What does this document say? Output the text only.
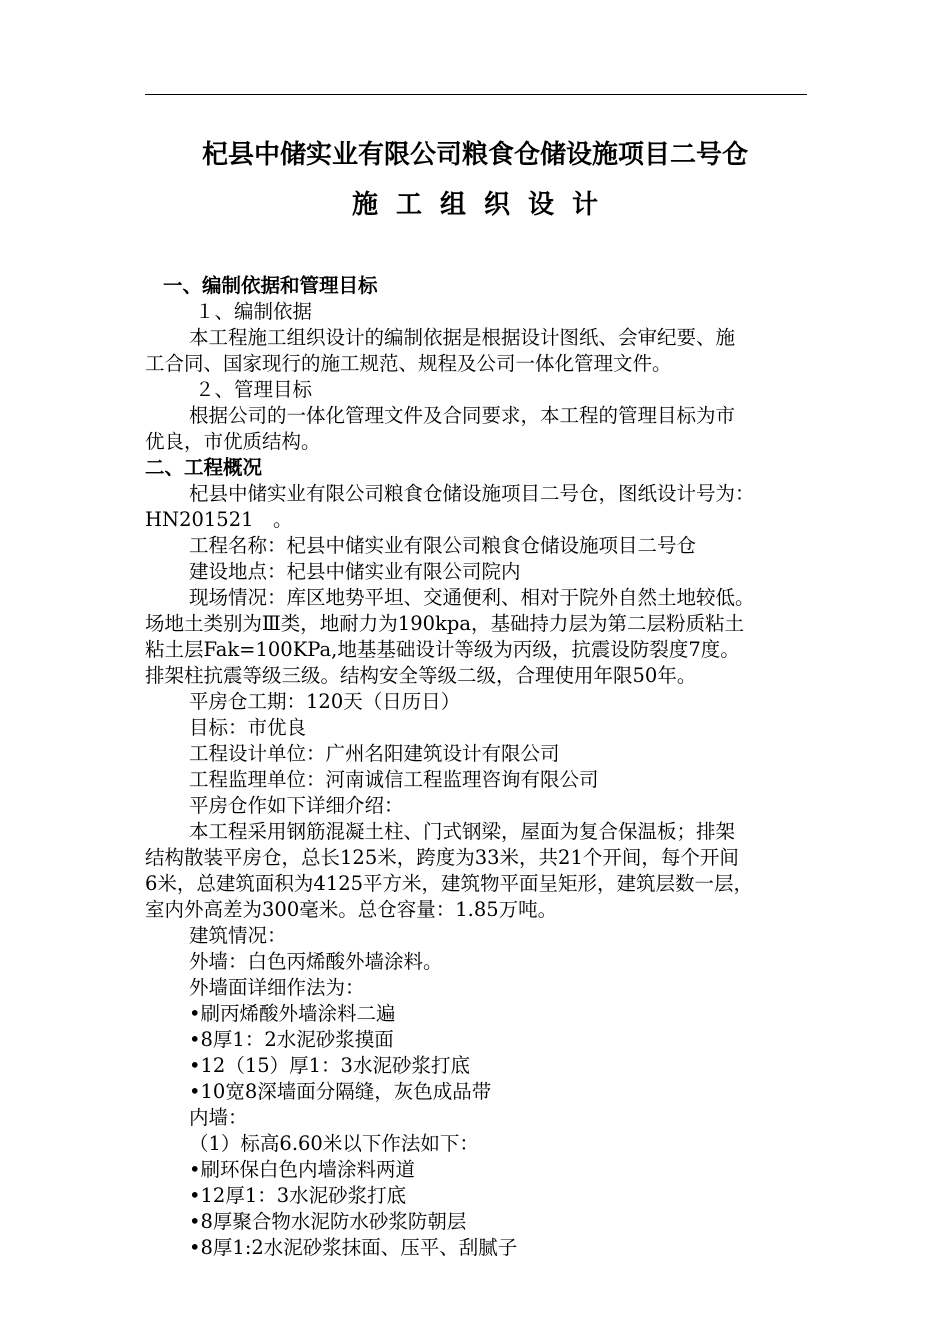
杞县中储实业有限公司粮食仓储设施项目二号仓
施工组织设计
一、编制依据和管理目标
１、编制依据
本工程施工组织设计的编制依据是根据设计图纸、会审纪要、施
工合同、国家现行的施工规范、规程及公司一体化管理文件。
２、管理目标
根据公司的一体化管理文件及合同要求，本工程的管理目标为市
优良，市优质结构。
二、工程概况
杞县中储实业有限公司粮食仓储设施项目二号仓，图纸设计号为：
HN201521　。
工程名称：杞县中储实业有限公司粮食仓储设施项目二号仓
建设地点：杞县中储实业有限公司院内
现场情况：库区地势平坦、交通便利、相对于院外自然土地较低。
场地土类别为Ⅲ类，地耐力为190kpa，基础持力层为第二层粉质粘土
粘土层Fak=100KPa,地基基础设计等级为丙级，抗震设防裂度7度。
排架柱抗震等级三级。结构安全等级二级，合理使用年限50年。
平房仓工期：120天（日历日）
目标：市优良
工程设计单位：广州名阳建筑设计有限公司
工程监理单位：河南诚信工程监理咨询有限公司
平房仓作如下详细介绍：
本工程采用钢筋混凝土柱、门式钢梁，屋面为复合保温板；排架
结构散装平房仓，总长125米，跨度为33米，共21个开间，每个开间
6米，总建筑面积为4125平方米，建筑物平面呈矩形，建筑层数一层，
室内外高差为300毫米。总仓容量：1.85万吨。
建筑情况：
外墙：白色丙烯酸外墙涂料。
外墙面详细作法为：
•刷丙烯酸外墙涂料二遍
•8厚1：2水泥砂浆摸面
•12（15）厚1：3水泥砂浆打底
•10宽8深墙面分隔缝，灰色成品带
内墙：
（1）标高6.60米以下作法如下：
•刷环保白色内墙涂料两道
•12厚1：3水泥砂浆打底
•8厚聚合物水泥防水砂浆防朝层
•8厚1:2水泥砂浆抹面、压平、刮腻子
